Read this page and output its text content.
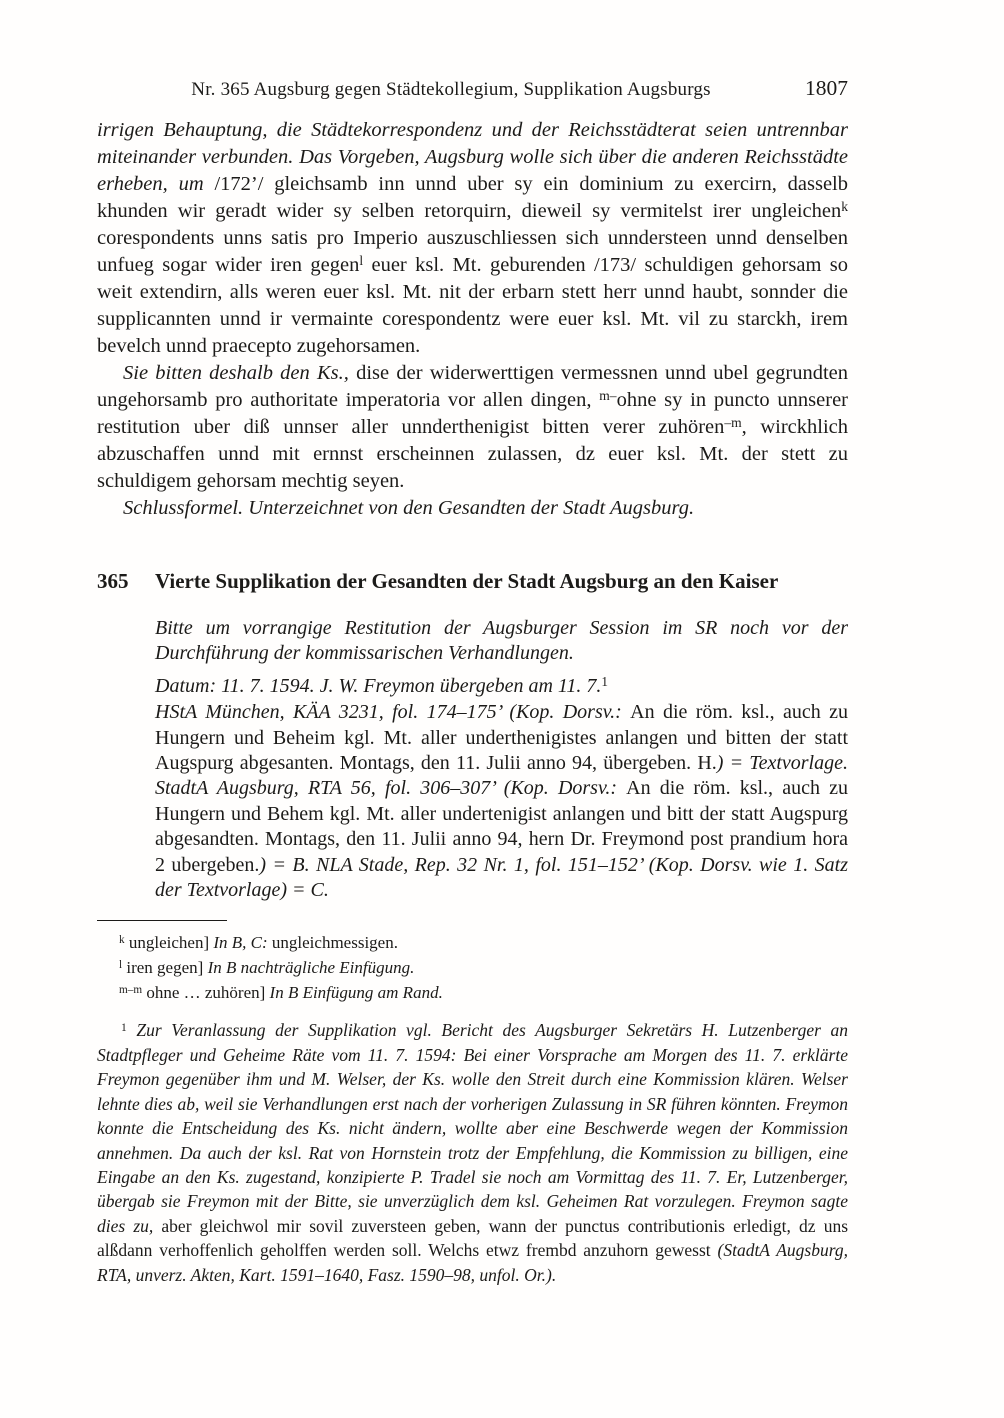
Nr. 365 Augsburg gegen Städtekollegium, Supplikation Augsburgs	1807

irrigen Behauptung, die Städtekorrespondenz und der Reichsstädterat seien untrennbar miteinander verbunden. Das Vorgeben, Augsburg wolle sich über die anderen Reichsstädte erheben, um /172’/ gleichsamb inn unnd uber sy ein dominium zu exercirn, dasselb khunden wir geradt wider sy selben retorquirn, dieweil sy vermitelst irer ungleichen$^k$ corespondents unns satis pro Imperio auszuschliessen sich unndersteen unnd denselben unfueg sogar wider iren gegen$^l$ euer ksl. Mt. geburenden /173/ schuldigen gehorsam so weit extendirn, alls weren euer ksl. Mt. nit der erbarn stett herr unnd haubt, sonnder die supplicannten unnd ir vermainte corespondentz were euer ksl. Mt. vil zu starckh, irem bevelch unnd praecepto zugehorsamen.

Sie bitten deshalb den Ks., dise der widerwerttigen vermessnen unnd ubel gegrundten ungehorsamb pro authoritate imperatoria vor allen dingen, $^{m-}$ohne sy in puncto unnserer restitution uber diß unnser aller unnderthenigist bitten verer zuhören$^{-m}$, wirckhlich abzuschaffen unnd mit ernnst erscheinnen zulassen, dz euer ksl. Mt. der stett zu schuldigem gehorsam mechtig seyen.

Schlussformel. Unterzeichnet von den Gesandten der Stadt Augsburg.

365	Vierte Supplikation der Gesandten der Stadt Augsburg an den Kaiser

Bitte um vorrangige Restitution der Augsburger Session im SR noch vor der Durchführung der kommissarischen Verhandlungen.

Datum: 11. 7. 1594. J. W. Freymon übergeben am 11. 7.$^1$

HStA München, KÄA 3231, fol. 174–175’ (Kop. Dorsv.: An die röm. ksl., auch zu Hungern und Beheim kgl. Mt. aller underthenigistes anlangen und bitten der statt Augspurg abgesanten. Montags, den 11. Julii anno 94, übergeben. H.) = Textvorlage. StadtA Augsburg, RTA 56, fol. 306–307’ (Kop. Dorsv.: An die röm. ksl., auch zu Hungern und Behem kgl. Mt. aller undertenigist anlangen und bitt der statt Augspurg abgesandten. Montags, den 11. Julii anno 94, hern Dr. Freymond post prandium hora 2 ubergeben.) = B. NLA Stade, Rep. 32 Nr. 1, fol. 151–152’ (Kop. Dorsv. wie 1. Satz der Textvorlage) = C.

$^k$ ungleichen] In B, C: ungleichmessigen.

$^l$ iren gegen] In B nachträgliche Einfügung.

$^{m-m}$ ohne … zuhören] In B Einfügung am Rand.

$^1$ Zur Veranlassung der Supplikation vgl. Bericht des Augsburger Sekretärs H. Lutzenberger an Stadtpfleger und Geheime Räte vom 11. 7. 1594: Bei einer Vorsprache am Morgen des 11. 7. erklärte Freymon gegenüber ihm und M. Welser, der Ks. wolle den Streit durch eine Kommission klären. Welser lehnte dies ab, weil sie Verhandlungen erst nach der vorherigen Zulassung in SR führen könnten. Freymon konnte die Entscheidung des Ks. nicht ändern, wollte aber eine Beschwerde wegen der Kommission annehmen. Da auch der ksl. Rat von Hornstein trotz der Empfehlung, die Kommission zu billigen, eine Eingabe an den Ks. zugestand, konzipierte P. Tradel sie noch am Vormittag des 11. 7. Er, Lutzenberger, übergab sie Freymon mit der Bitte, sie unverzüglich dem ksl. Geheimen Rat vorzulegen. Freymon sagte dies zu, aber gleichwol mir sovil zuversteen geben, wann der punctus contributionis erledigt, dz uns alßdann verhoffenlich geholffen werden soll. Welchs etwz frembd anzuhorn gewesst (StadtA Augsburg, RTA, unverz. Akten, Kart. 1591–1640, Fasz. 1590–98, unfol. Or.).
